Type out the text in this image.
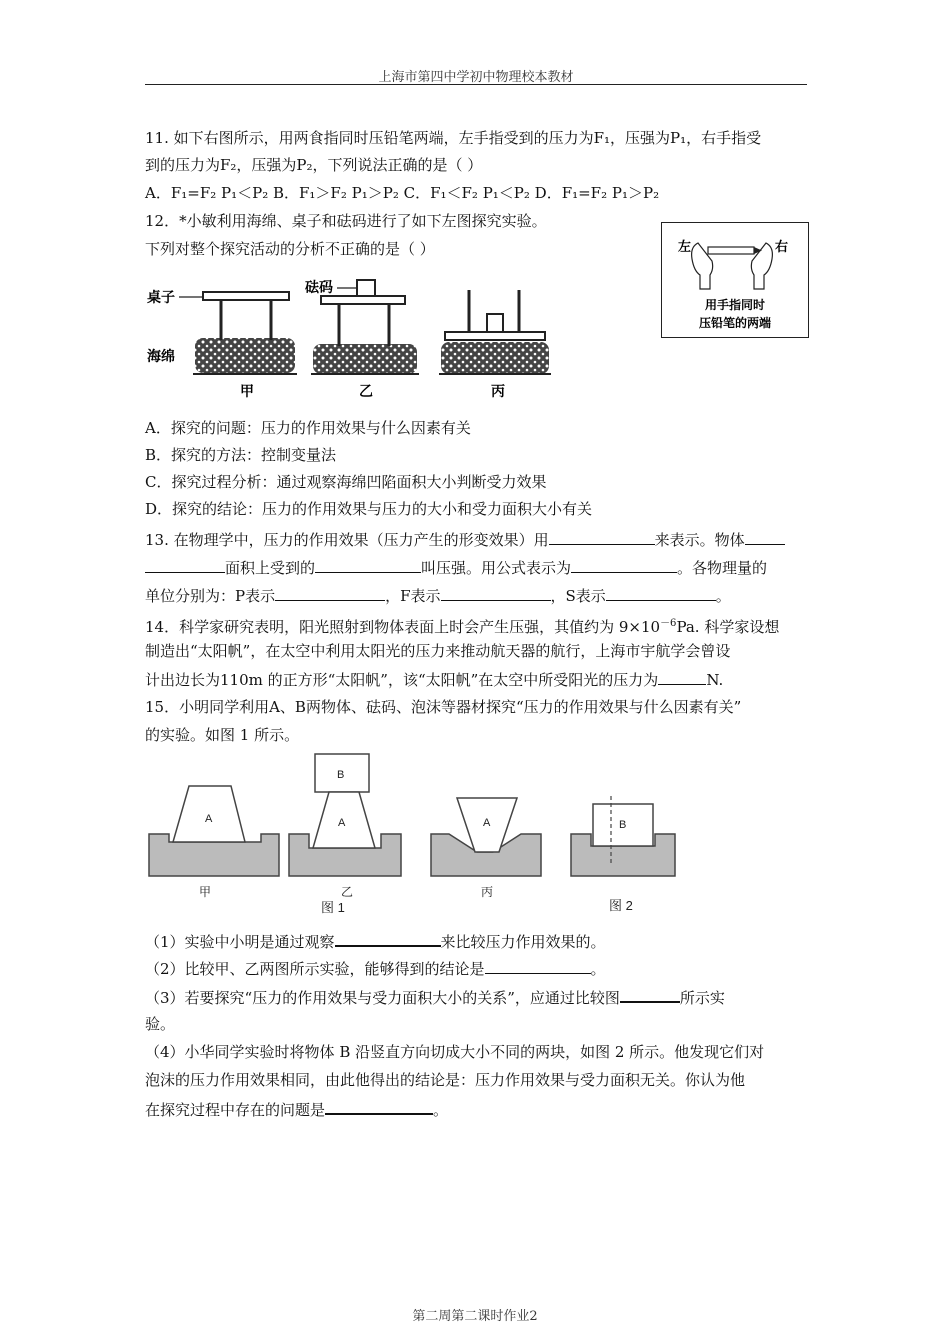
上海市第四中学初中物理校本教材
11. 如下右图所示，用两食指同时压铅笔两端，左手指受到的压力为F₁，压强为P₁，右手指受
到的压力为F₂，压强为P₂，下列说法正确的是（ ）
A．F₁=F₂ P₁＜P₂ B．F₁＞F₂ P₁＞P₂ C．F₁＜F₂ P₁＜P₂ D．F₁=F₂ P₁＞P₂
12．*小敏利用海绵、桌子和砝码进行了如下左图探究实验。
下列对整个探究活动的分析不正确的是（ ）	左	右
用手指同时
压铅笔的两端
桌子
海绵
甲
砝码
乙	丙
A．探究的问题：压力的作用效果与什么因素有关
B．探究的方法：控制变量法
C．探究过程分析：通过观察海绵凹陷面积大小判断受力效果
D．探究的结论：压力的作用效果与压力的大小和受力面积大小有关
13. 在物理学中，压力的作用效果（压力产生的形变效果）用	来表示。物体
面积上受到的	叫压强。用公式表示为	。各物理量的
单位分别为：P表示	，F表示	，S表示	。
14．科学家研究表明，阳光照射到物体表面上时会产生压强，其值约为 $9\times 10^{-6}Pa$. 科学家设想
制造出“太阳帆”，在太空中利用太阳光的压力来推动航天器的航行，上海市宇航学会曾设
计出边长为110m 的正方形“太阳帆”，该“太阳帆”在太空中所受阳光的压力为	N.
15．小明同学利用A、B两物体、砝码、泡沫等器材探究“压力的作用效果与什么因素有关”
的实验。如图 1 所示。
A
甲
B
A
乙
A
丙
B
图 1	图 2
（1）实验中小明是通过观察	来比较压力作用效果的。
（2）比较甲、乙两图所示实验，能够得到的结论是	。
（3）若要探究“压力的作用效果与受力面积大小的关系”，应通过比较图	所示实
验。
（4）小华同学实验时将物体 B 沿竖直方向切成大小不同的两块，如图 2 所示。他发现它们对
泡沫的压力作用效果相同，由此他得出的结论是：压力作用效果与受力面积无关。你认为他
在探究过程中存在的问题是	。
第二周第二课时作业2
